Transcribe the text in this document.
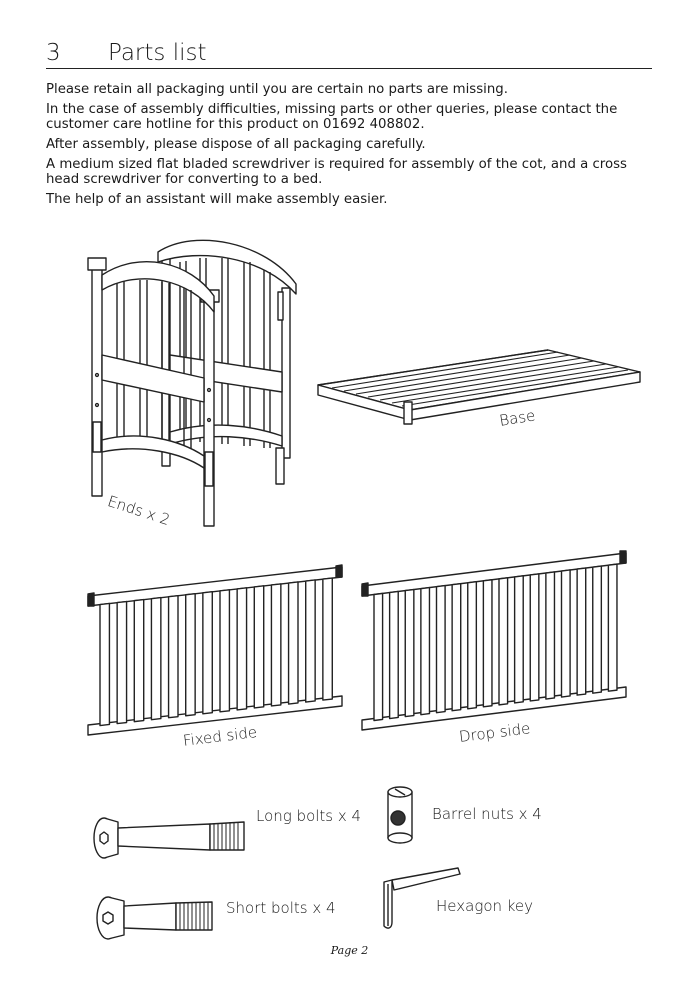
3 Parts list

Please retain all packaging until you are certain no parts are missing.

In the case of assembly difficulties, missing parts or other queries, please contact the customer care hotline for this product on 01692 408802.

After assembly, please dispose of all packaging carefully.

A medium sized flat bladed screwdriver is required for assembly of the cot, and a cross head screwdriver for converting to a bed.

The help of an assistant will make assembly easier.

Ends x 2
Base
Fixed side	Drop side
Long bolts x 4	Barrel nuts x 4
Short bolts x 4	Hexagon key
Page 2
